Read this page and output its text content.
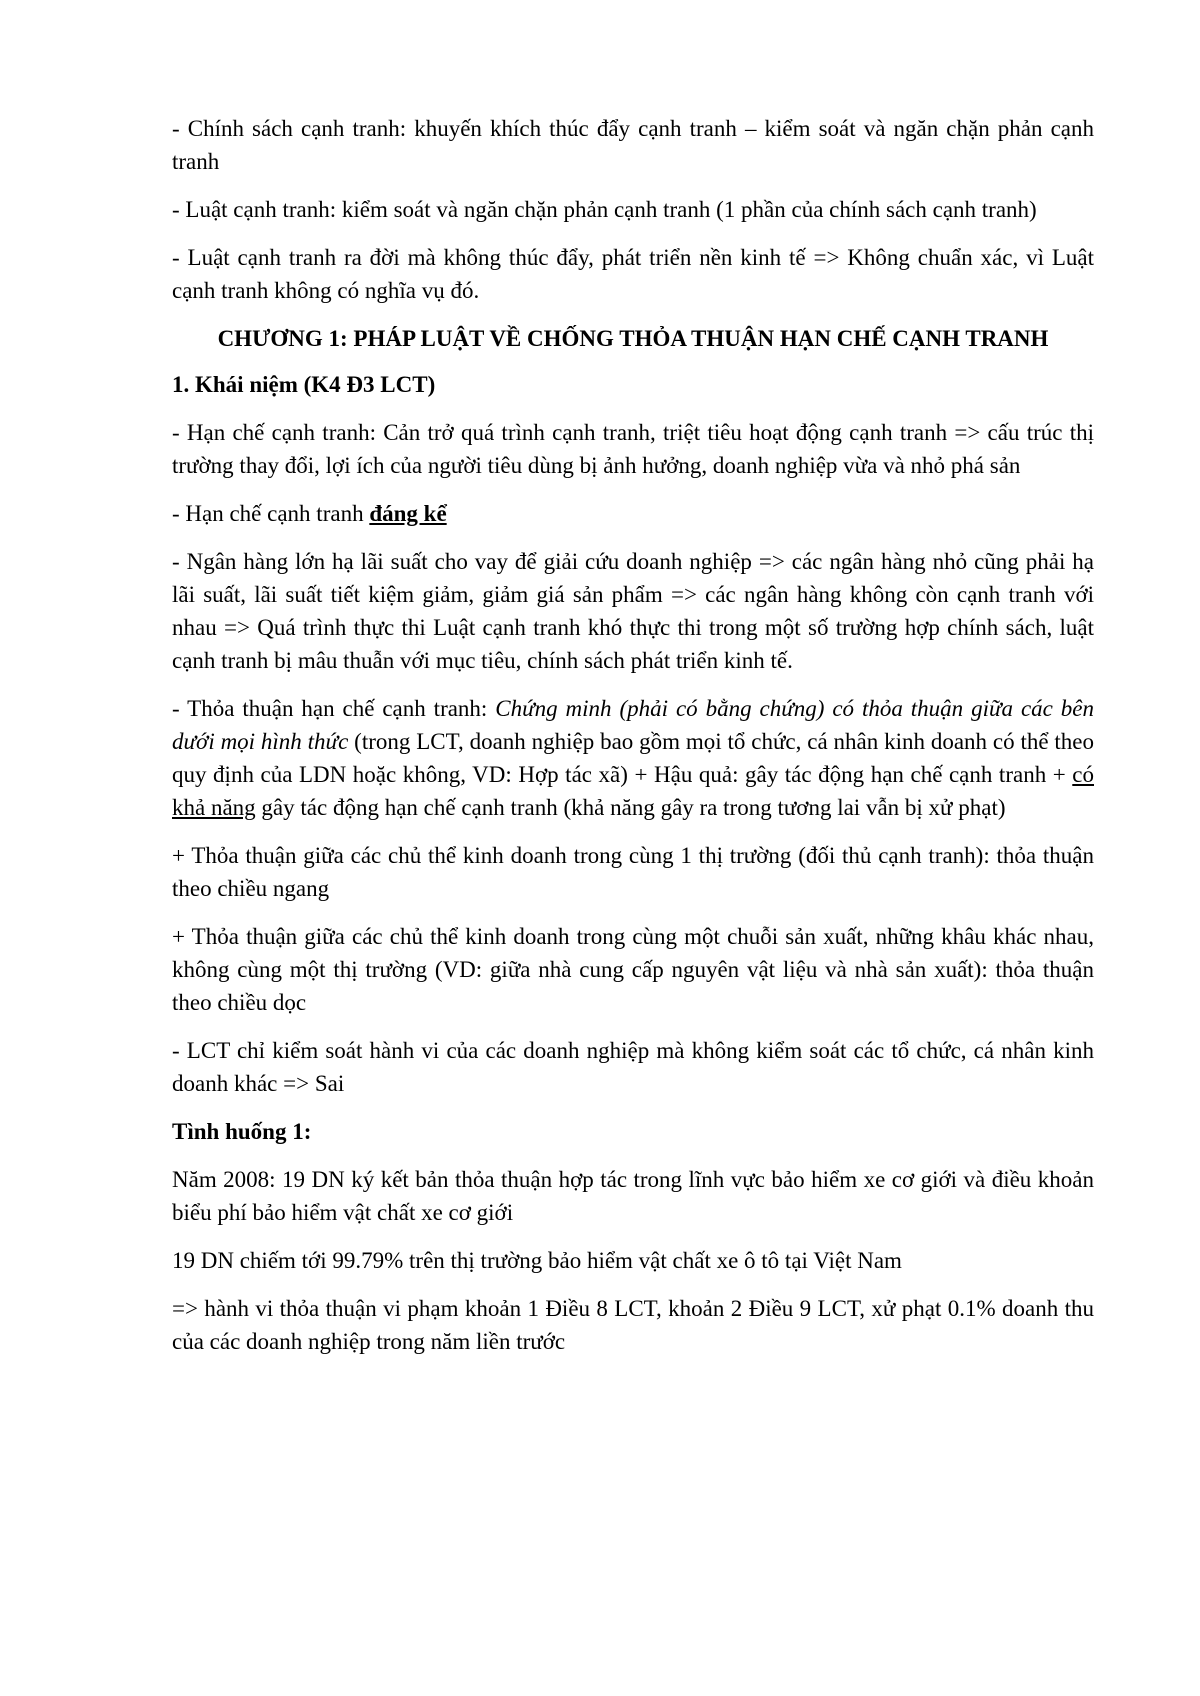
- Chính sách cạnh tranh: khuyến khích thúc đẩy cạnh tranh – kiểm soát và ngăn chặn phản cạnh tranh

- Luật cạnh tranh: kiểm soát và ngăn chặn phản cạnh tranh (1 phần của chính sách cạnh tranh)

- Luật cạnh tranh ra đời mà không thúc đẩy, phát triển nền kinh tế => Không chuẩn xác, vì Luật cạnh tranh không có nghĩa vụ đó.

CHƯƠNG 1: PHÁP LUẬT VỀ CHỐNG THỎA THUẬN HẠN CHẾ CẠNH TRANH

1. Khái niệm (K4 Đ3 LCT)

- Hạn chế cạnh tranh: Cản trở quá trình cạnh tranh, triệt tiêu hoạt động cạnh tranh => cấu trúc thị trường thay đổi, lợi ích của người tiêu dùng bị ảnh hưởng, doanh nghiệp vừa và nhỏ phá sản

- Hạn chế cạnh tranh đáng kể

- Ngân hàng lớn hạ lãi suất cho vay để giải cứu doanh nghiệp => các ngân hàng nhỏ cũng phải hạ lãi suất, lãi suất tiết kiệm giảm, giảm giá sản phẩm => các ngân hàng không còn cạnh tranh với nhau => Quá trình thực thi Luật cạnh tranh khó thực thi trong một số trường hợp chính sách, luật cạnh tranh bị mâu thuẫn với mục tiêu, chính sách phát triển kinh tế.

- Thỏa thuận hạn chế cạnh tranh: Chứng minh (phải có bằng chứng) có thỏa thuận giữa các bên dưới mọi hình thức (trong LCT, doanh nghiệp bao gồm mọi tổ chức, cá nhân kinh doanh có thể theo quy định của LDN hoặc không, VD: Hợp tác xã) + Hậu quả: gây tác động hạn chế cạnh tranh + có khả năng gây tác động hạn chế cạnh tranh (khả năng gây ra trong tương lai vẫn bị xử phạt)

+ Thỏa thuận giữa các chủ thể kinh doanh trong cùng 1 thị trường (đối thủ cạnh tranh): thỏa thuận theo chiều ngang

+ Thỏa thuận giữa các chủ thể kinh doanh trong cùng một chuỗi sản xuất, những khâu khác nhau, không cùng một thị trường (VD: giữa nhà cung cấp nguyên vật liệu và nhà sản xuất): thỏa thuận theo chiều dọc

- LCT chỉ kiểm soát hành vi của các doanh nghiệp mà không kiểm soát các tổ chức, cá nhân kinh doanh khác => Sai

Tình huống 1:

Năm 2008: 19 DN ký kết bản thỏa thuận hợp tác trong lĩnh vực bảo hiểm xe cơ giới và điều khoản biểu phí bảo hiểm vật chất xe cơ giới

19 DN chiếm tới 99.79% trên thị trường bảo hiểm vật chất xe ô tô tại Việt Nam

=> hành vi thỏa thuận vi phạm khoản 1 Điều 8 LCT, khoản 2 Điều 9 LCT, xử phạt 0.1% doanh thu của các doanh nghiệp trong năm liền trước
